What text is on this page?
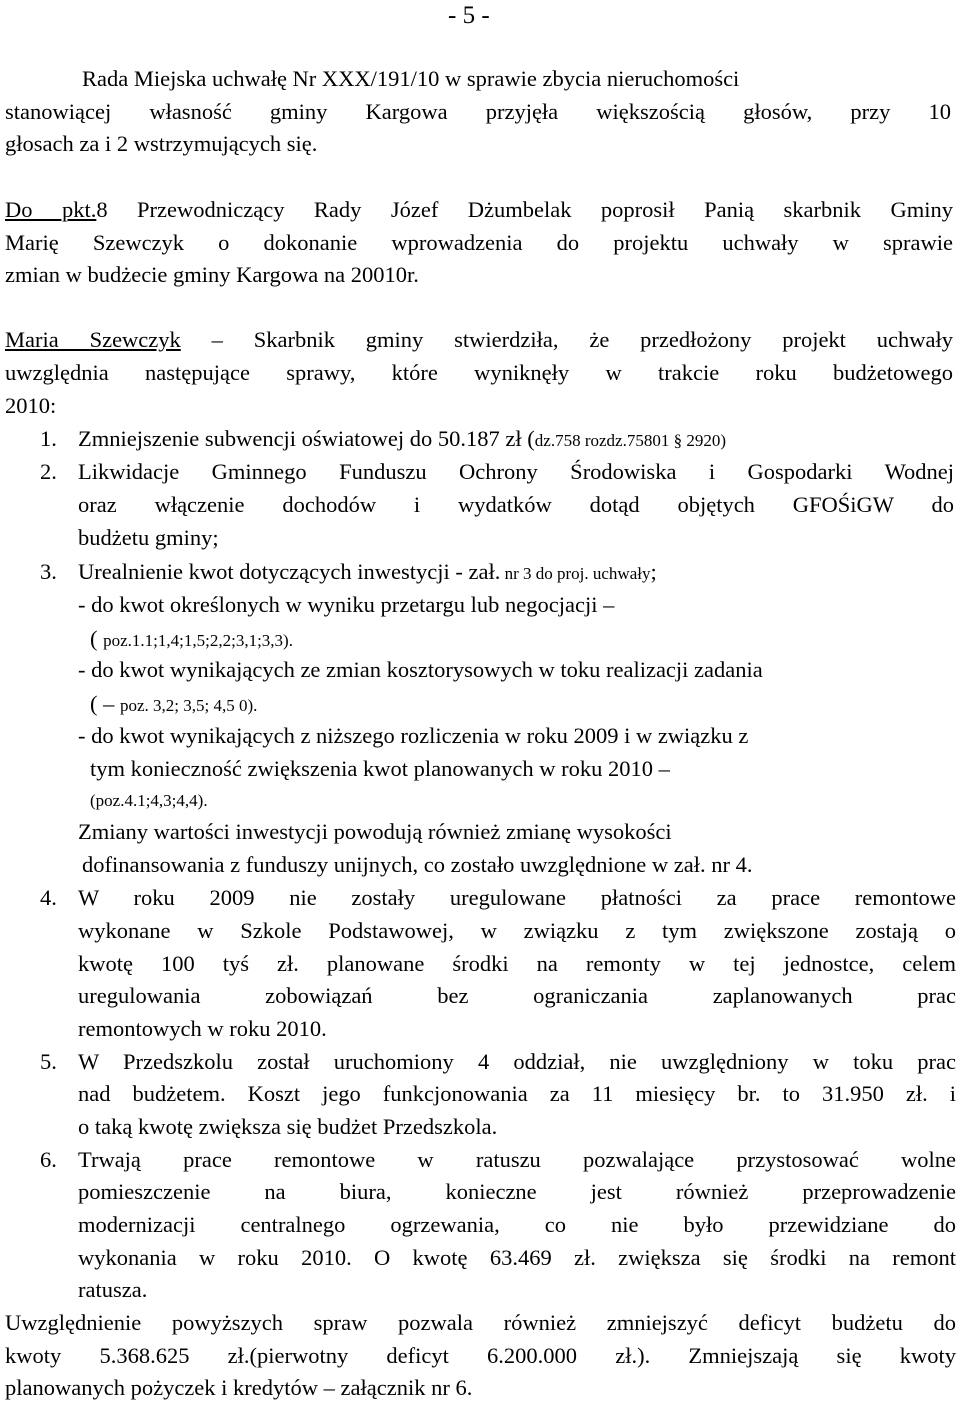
- 5 -
Rada Miejska uchwałę Nr XXX/191/10 w sprawie zbycia nieruchomości
stanowiącej własność gminy Kargowa przyjęła większością głosów, przy 10
głosach za i 2 wstrzymujących się.
Do pkt.8 Przewodniczący Rady Józef Dżumbelak poprosił Panią skarbnik Gminy
Marię Szewczyk o dokonanie wprowadzenia do projektu uchwały w sprawie
zmian w budżecie gminy Kargowa na 20010r.
Maria Szewczyk – Skarbnik gminy stwierdziła, że przedłożony projekt uchwały
uwzględnia następujące sprawy, które wyniknęły w trakcie roku budżetowego
2010:
1. Zmniejszenie subwencji oświatowej do 50.187 zł (dz.758 rozdz.75801 § 2920)
2. Likwidacje Gminnego Funduszu Ochrony Środowiska i Gospodarki Wodnej
oraz włączenie dochodów i wydatków dotąd objętych GFOŚiGW do
budżetu gminy;
3. Urealnienie kwot dotyczących inwestycji - zał. nr 3 do proj. uchwały;
- do kwot określonych w wyniku przetargu lub negocjacji –
( poz.1.1;1,4;1,5;2,2;3,1;3,3).
- do kwot wynikających ze zmian kosztorysowych w toku realizacji zadania
( – poz. 3,2; 3,5; 4,5 0).
- do kwot wynikających z niższego rozliczenia w roku 2009 i w związku z
tym konieczność zwiększenia kwot planowanych w roku 2010 –
(poz.4.1;4,3;4,4).
Zmiany wartości inwestycji powodują również zmianę wysokości
dofinansowania z funduszy unijnych, co zostało uwzględnione w zał. nr 4.
4. W roku 2009 nie zostały uregulowane płatności za prace remontowe
wykonane w Szkole Podstawowej, w związku z tym zwiększone zostają o
kwotę 100 tyś zł. planowane środki na remonty w tej jednostce, celem
uregulowania zobowiązań bez ograniczania zaplanowanych prac
remontowych w roku 2010.
5. W Przedszkolu został uruchomiony 4 oddział, nie uwzględniony w toku prac
nad budżetem. Koszt jego funkcjonowania za 11 miesięcy br. to 31.950 zł. i
o taką kwotę zwiększa się budżet Przedszkola.
6. Trwają prace remontowe w ratuszu pozwalające przystosować wolne
pomieszczenie na biura, konieczne jest również przeprowadzenie
modernizacji centralnego ogrzewania, co nie było przewidziane do
wykonania w roku 2010. O kwotę 63.469 zł. zwiększa się środki na remont
ratusza.
Uwzględnienie powyższych spraw pozwala również zmniejszyć deficyt budżetu do
kwoty 5.368.625 zł.(pierwotny deficyt 6.200.000 zł.). Zmniejszają się kwoty
planowanych pożyczek i kredytów – załącznik nr 6.
